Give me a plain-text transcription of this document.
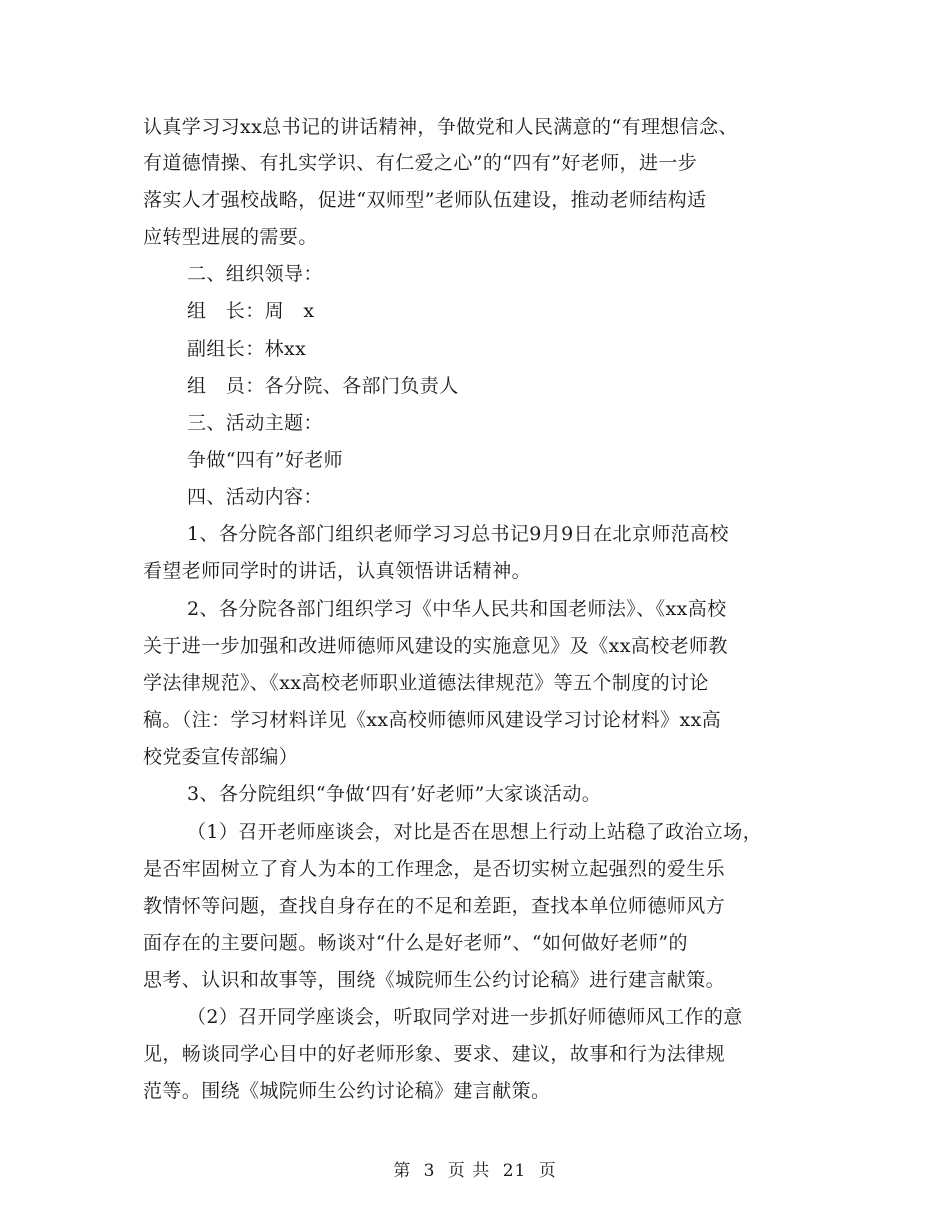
认真学习习xx总书记的讲话精神，争做党和人民满意的“有理想信念、
有道德情操、有扎实学识、有仁爱之心”的“四有”好老师，进一步
落实人才强校战略，促进“双师型”老师队伍建设，推动老师结构适
应转型进展的需要。
二、组织领导：
组　长：周　x
副组长：林xx
组　员：各分院、各部门负责人
三、活动主题：
争做“四有”好老师
四、活动内容：
1、各分院各部门组织老师学习习总书记9月9日在北京师范高校
看望老师同学时的讲话，认真领悟讲话精神。
2、各分院各部门组织学习《中华人民共和国老师法》、《xx高校
关于进一步加强和改进师德师风建设的实施意见》及《xx高校老师教
学法律规范》、《xx高校老师职业道德法律规范》等五个制度的讨论
稿。（注：学习材料详见《xx高校师德师风建设学习讨论材料》xx高
校党委宣传部编）
3、各分院组织“争做‘四有’好老师”大家谈活动。
（1）召开老师座谈会，对比是否在思想上行动上站稳了政治立场，
是否牢固树立了育人为本的工作理念，是否切实树立起强烈的爱生乐
教情怀等问题，查找自身存在的不足和差距，查找本单位师德师风方
面存在的主要问题。畅谈对“什么是好老师”、“如何做好老师”的
思考、认识和故事等，围绕《城院师生公约讨论稿》进行建言献策。
（2）召开同学座谈会，听取同学对进一步抓好师德师风工作的意
见，畅谈同学心目中的好老师形象、要求、建议，故事和行为法律规
范等。围绕《城院师生公约讨论稿》建言献策。
第 3 页 共 21 页
